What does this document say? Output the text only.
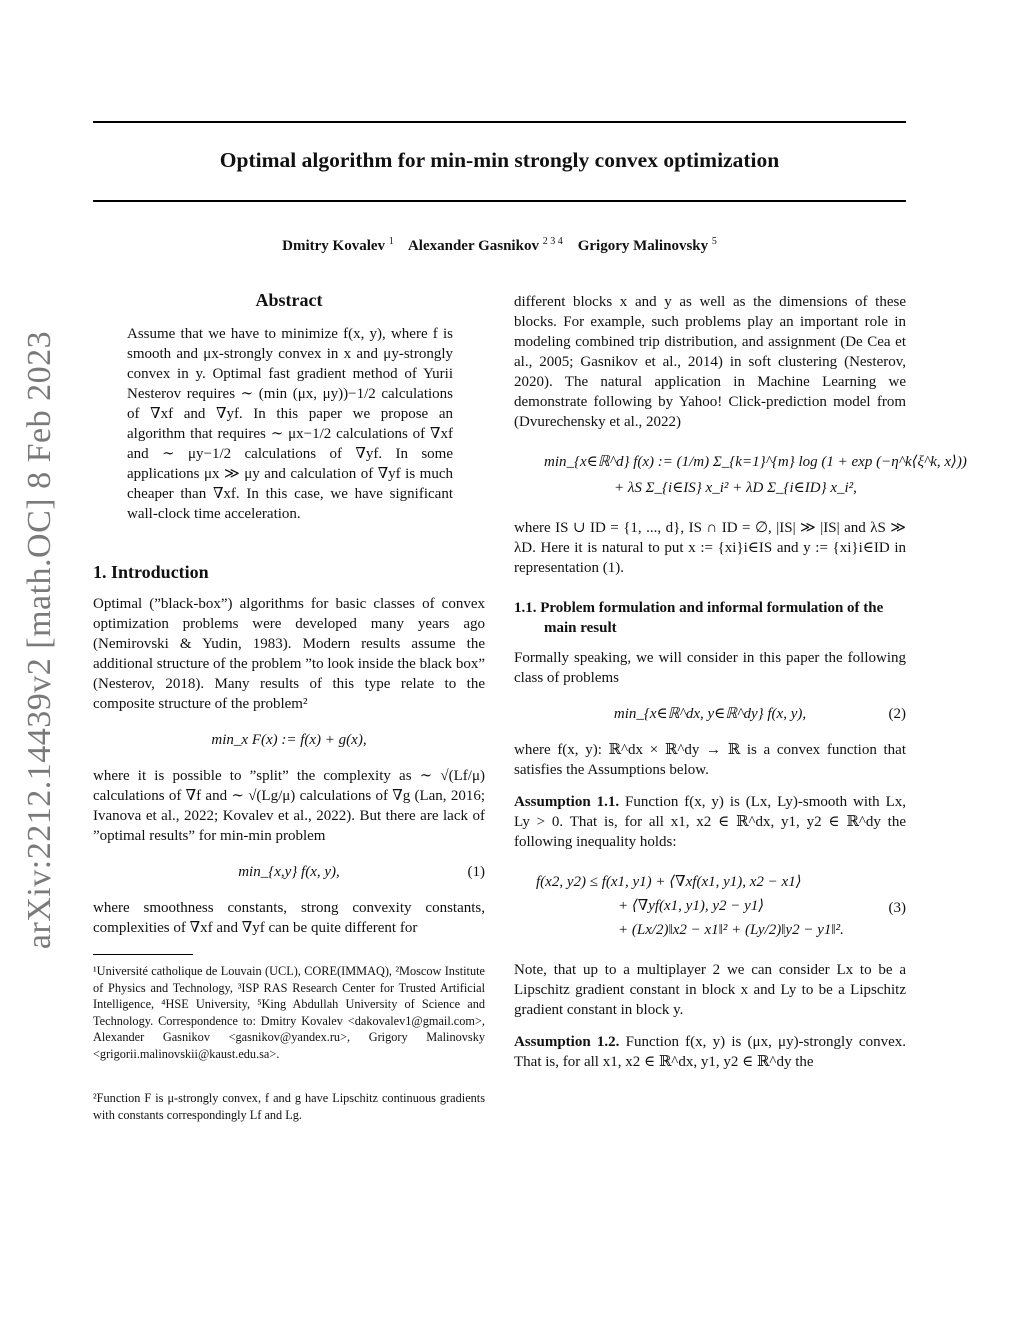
Optimal algorithm for min-min strongly convex optimization
Dmitry Kovalev $^1$ Alexander Gasnikov $^{2 3 4}$ Grigory Malinovsky $^5$
arXiv:2212.14439v2 [math.OC] 8 Feb 2023
Abstract
Assume that we have to minimize f(x, y), where f is smooth and μx-strongly convex in x and μy-strongly convex in y. Optimal fast gradient method of Yurii Nesterov requires ∼ (min (μx, μy))−1/2 calculations of ∇xf and ∇yf. In this paper we propose an algorithm that requires ∼ μx−1/2 calculations of ∇xf and ∼ μy−1/2 calculations of ∇yf. In some applications μx ≫ μy and calculation of ∇yf is much cheaper than ∇xf. In this case, we have significant wall-clock time acceleration.
1. Introduction

Optimal (”black-box”) algorithms for basic classes of convex optimization problems were developed many years ago (Nemirovski & Yudin, 1983). Modern results assume the additional structure of the problem ”to look inside the black box” (Nesterov, 2018). Many results of this type relate to the composite structure of the problem²

min_x F(x) := f(x) + g(x),

where it is possible to ”split” the complexity as ∼ √(Lf/μ) calculations of ∇f and ∼ √(Lg/μ) calculations of ∇g (Lan, 2016; Ivanova et al., 2022; Kovalev et al., 2022). But there are lack of ”optimal results” for min-min problem

min_{x,y} f(x, y),	(1)

where smoothness constants, strong convexity constants, complexities of ∇xf and ∇yf can be quite different for

¹Université catholique de Louvain (UCL), CORE(IMMAQ), ²Moscow Institute of Physics and Technology, ³ISP RAS Research Center for Trusted Artificial Intelligence, ⁴HSE University, ⁵King Abdullah University of Science and Technology. Correspondence to: Dmitry Kovalev <dakovalev1@gmail.com>, Alexander Gasnikov <gasnikov@yandex.ru>, Grigory Malinovsky <grigorii.malinovskii@kaust.edu.sa>.

²Function F is μ-strongly convex, f and g have Lipschitz continuous gradients with constants correspondingly Lf and Lg.

different blocks x and y as well as the dimensions of these blocks. For example, such problems play an important role in modeling combined trip distribution, and assignment (De Cea et al., 2005; Gasnikov et al., 2014) in soft clustering (Nesterov, 2020). The natural application in Machine Learning we demonstrate following by Yahoo! Click-prediction model from (Dvurechensky et al., 2022)

min_{x∈ℝ^d} f(x) := (1/m) Σ_{k=1}^{m} log (1 + exp (−η^k⟨ξ^k, x⟩))
+ λS Σ_{i∈IS} x_i² + λD Σ_{i∈ID} x_i²,

where IS ∪ ID = {1, ..., d}, IS ∩ ID = ∅, |IS| ≫ |IS| and λS ≫ λD. Here it is natural to put x := {xi}i∈IS and y := {xi}i∈ID in representation (1).

1.1. Problem formulation and informal formulation of the main result

Formally speaking, we will consider in this paper the following class of problems

min_{x∈ℝ^dx, y∈ℝ^dy} f(x, y),	(2)

where f(x, y): ℝ^dx × ℝ^dy → ℝ is a convex function that satisfies the Assumptions below.

Assumption 1.1. Function f(x, y) is (Lx, Ly)-smooth with Lx, Ly > 0. That is, for all x1, x2 ∈ ℝ^dx, y1, y2 ∈ ℝ^dy the following inequality holds:

f(x2, y2) ≤ f(x1, y1) + ⟨∇xf(x1, y1), x2 − x1⟩
+ ⟨∇yf(x1, y1), y2 − y1⟩
+ (Lx/2)‖x2 − x1‖² + (Ly/2)‖y2 − y1‖².
(3)

Note, that up to a multiplayer 2 we can consider Lx to be a Lipschitz gradient constant in block x and Ly to be a Lipschitz gradient constant in block y.

Assumption 1.2. Function f(x, y) is (μx, μy)-strongly convex. That is, for all x1, x2 ∈ ℝ^dx, y1, y2 ∈ ℝ^dy the
